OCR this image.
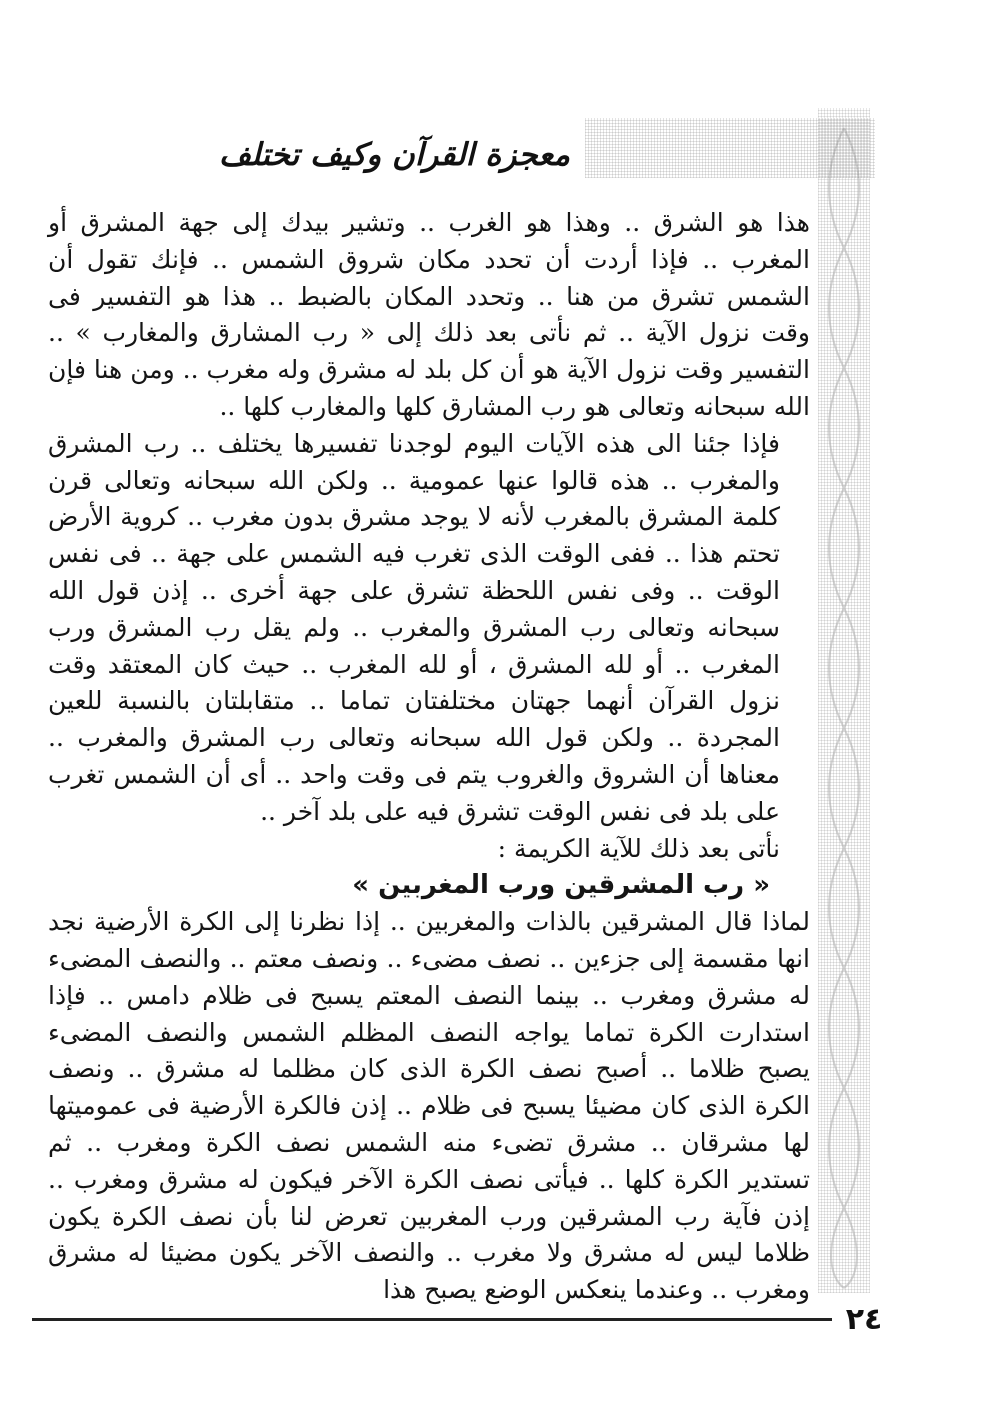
معجزة القرآن وكيف تختلف

هذا هو الشرق .. وهذا هو الغرب .. وتشير بيدك إلى جهة المشرق أو المغرب .. فإذا أردت أن تحدد مكان شروق الشمس .. فإنك تقول أن الشمس تشرق من هنا .. وتحدد المكان بالضبط .. هذا هو التفسير فى وقت نزول الآية .. ثم نأتى بعد ذلك إلى « رب المشارق والمغارب » .. التفسير وقت نزول الآية هو أن كل بلد له مشرق وله مغرب .. ومن هنا فإن الله سبحانه وتعالى هو رب المشارق كلها والمغارب كلها ..

فإذا جئنا الى هذه الآيات اليوم لوجدنا تفسيرها يختلف .. رب المشرق والمغرب .. هذه قالوا عنها عمومية .. ولكن الله سبحانه وتعالى قرن كلمة المشرق بالمغرب لأنه لا يوجد مشرق بدون مغرب .. كروية الأرض تحتم هذا .. ففى الوقت الذى تغرب فيه الشمس على جهة .. فى نفس الوقت .. وفى نفس اللحظة تشرق على جهة أخرى .. إذن قول الله سبحانه وتعالى رب المشرق والمغرب .. ولم يقل رب المشرق ورب المغرب .. أو لله المشرق ، أو لله المغرب .. حيث كان المعتقد وقت نزول القرآن أنهما جهتان مختلفتان تماما .. متقابلتان بالنسبة للعين المجردة .. ولكن قول الله سبحانه وتعالى رب المشرق والمغرب .. معناها أن الشروق والغروب يتم فى وقت واحد .. أى أن الشمس تغرب على بلد فى نفس الوقت تشرق فيه على بلد آخر ..

نأتى بعد ذلك للآية الكريمة :

« رب المشرقين ورب المغربين »

لماذا قال المشرقين بالذات والمغربين .. إذا نظرنا إلى الكرة الأرضية نجد انها مقسمة إلى جزءين .. نصف مضىء .. ونصف معتم .. والنصف المضىء له مشرق ومغرب .. بينما النصف المعتم يسبح فى ظلام دامس .. فإذا استدارت الكرة تماما يواجه النصف المظلم الشمس والنصف المضىء يصبح ظلاما .. أصبح نصف الكرة الذى كان مظلما له مشرق .. ونصف الكرة الذى كان مضيئا يسبح فى ظلام .. إذن فالكرة الأرضية فى عموميتها لها مشرقان .. مشرق تضىء منه الشمس نصف الكرة ومغرب .. ثم تستدير الكرة كلها .. فيأتى نصف الكرة الآخر فيكون له مشرق ومغرب .. إذن فآية رب المشرقين ورب المغربين تعرض لنا بأن نصف الكرة يكون ظلاما ليس له مشرق ولا مغرب .. والنصف الآخر يكون مضيئا له مشرق ومغرب .. وعندما ينعكس الوضع يصبح هذا

٢٤
